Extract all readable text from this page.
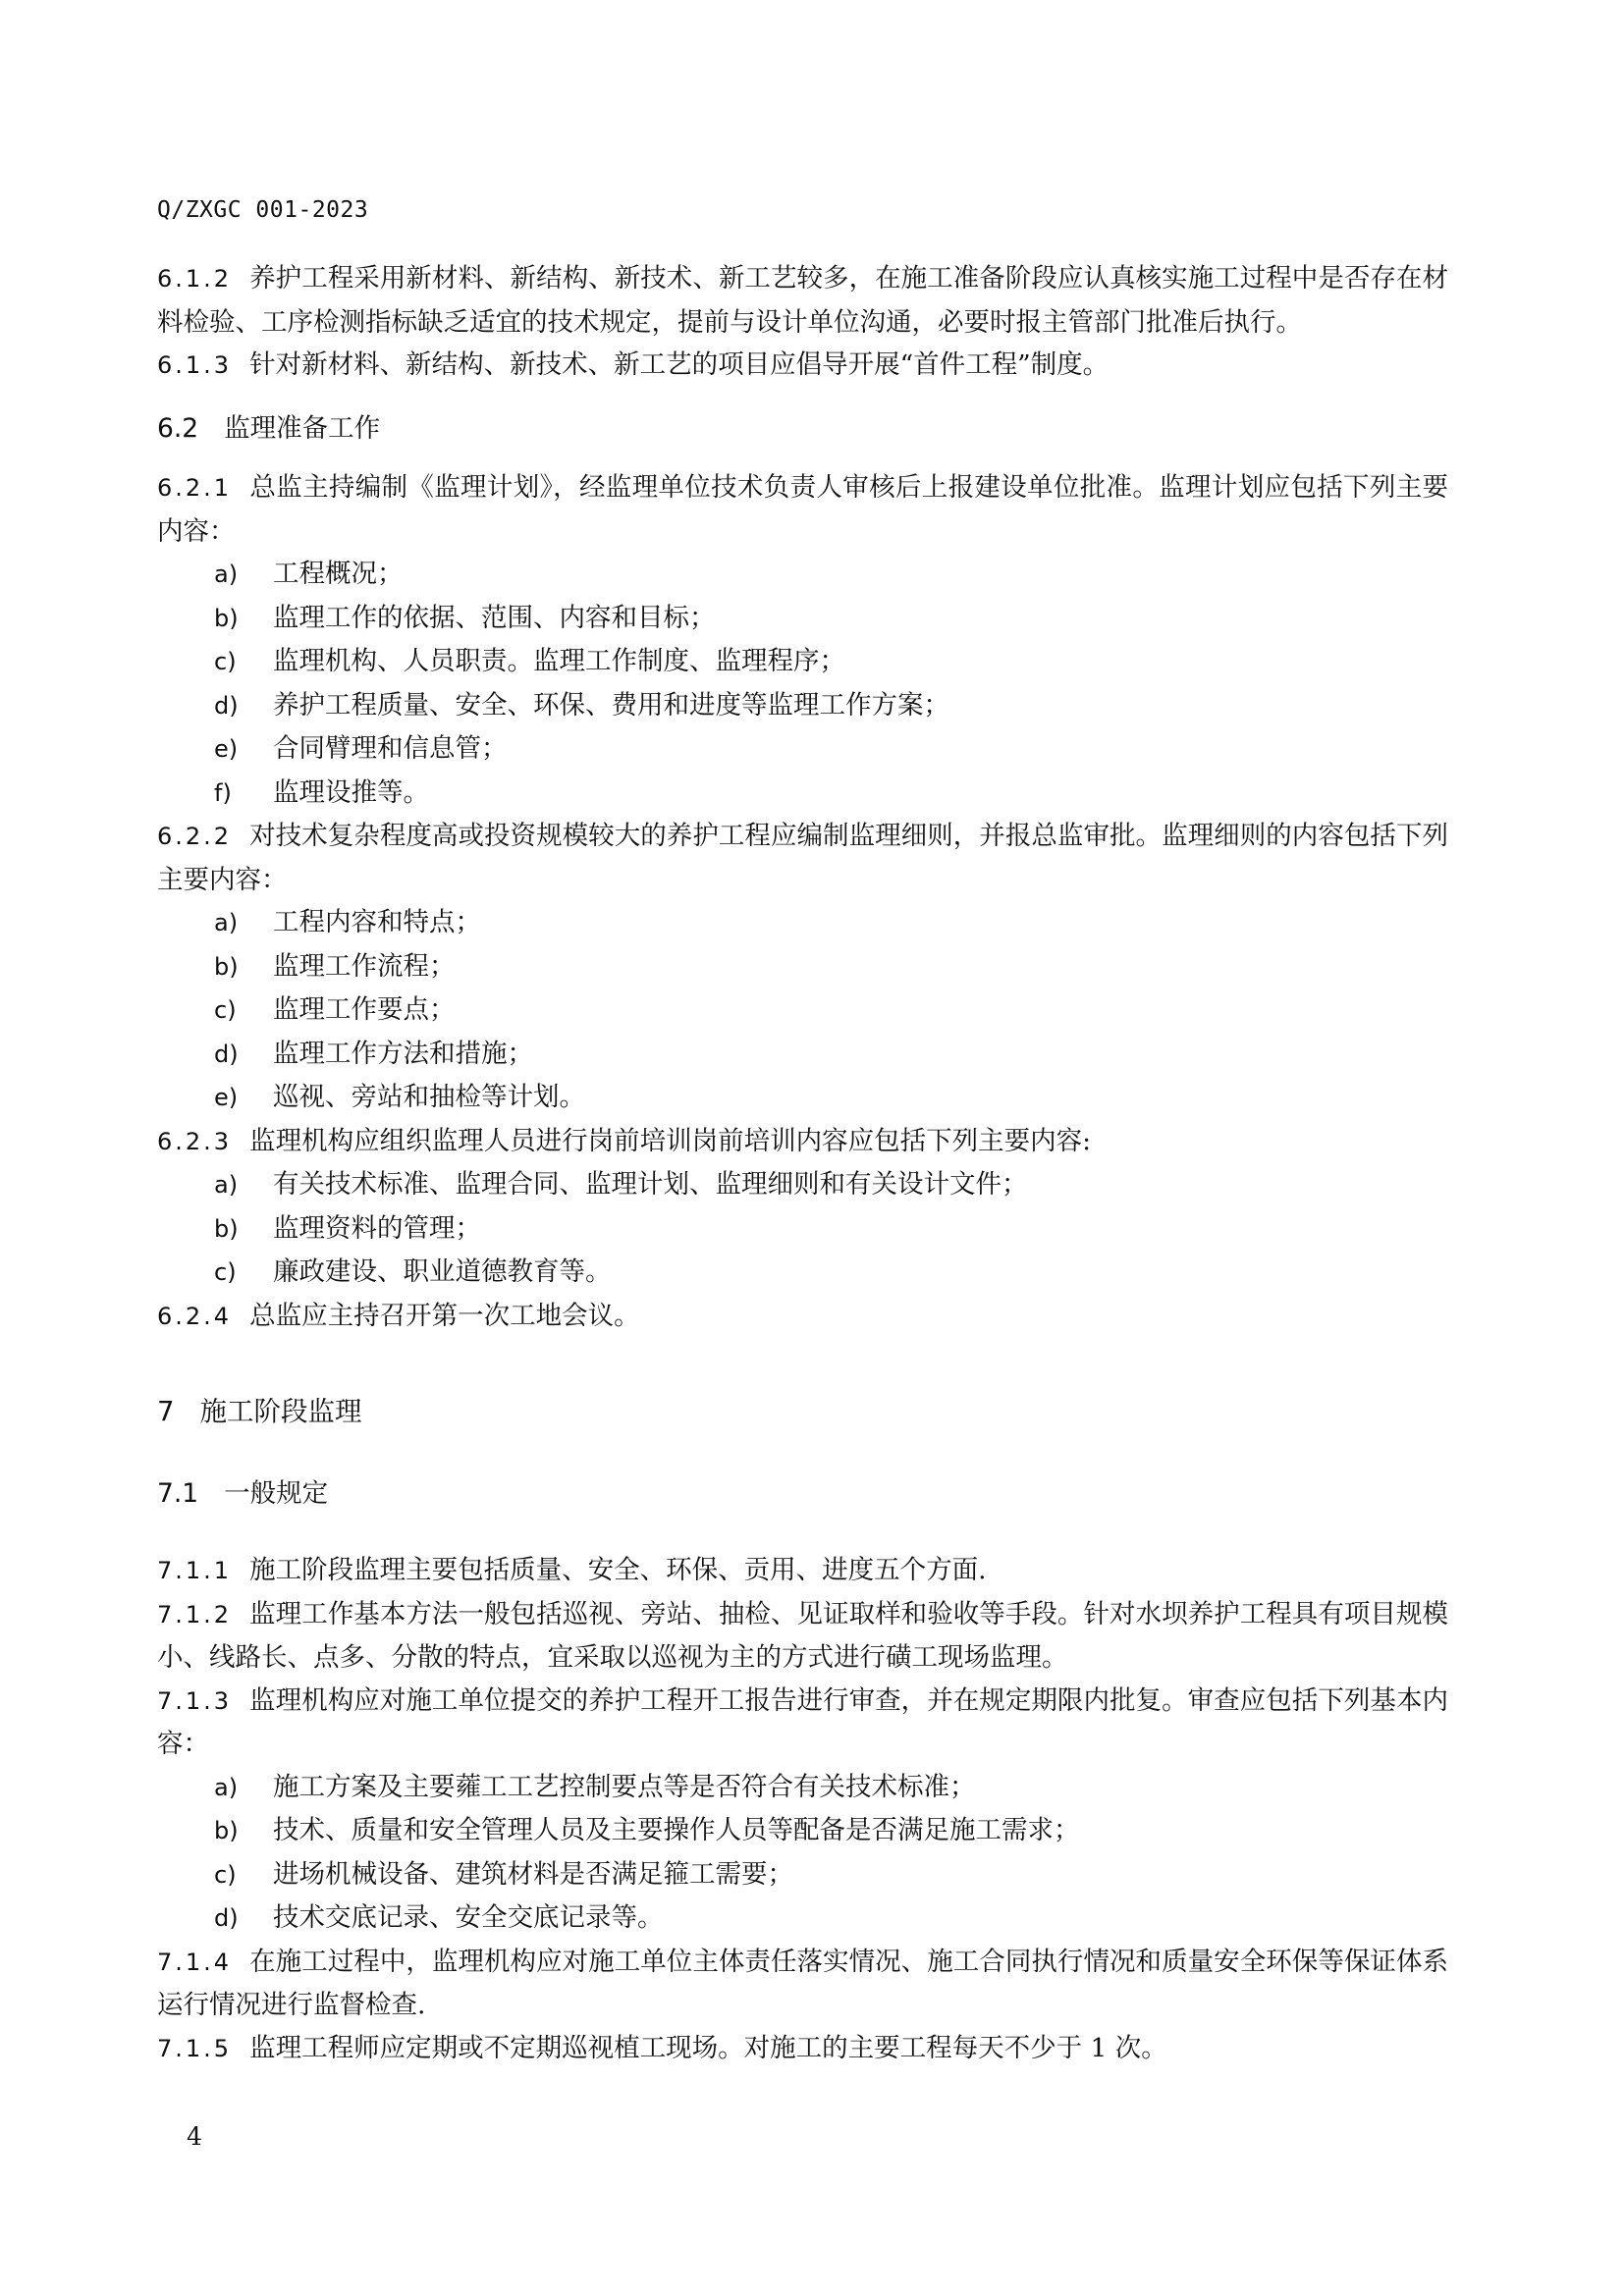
Q/ZXGC 001-2023

6.1.2 养护工程采用新材料、新结构、新技术、新工艺较多，在施工准备阶段应认真核实施工过程中是否存在材料检验、工序检测指标缺乏适宜的技术规定，提前与设计单位沟通，必要时报主管部门批准后执行。

6.1.3 针对新材料、新结构、新技术、新工艺的项目应倡导开展“首件工程”制度。

6.2 监理准备工作

6.2.1 总监主持编制《监理计划》，经监理单位技术负责人审核后上报建设单位批准。监理计划应包括下列主要内容：

a) 工程概况；

b) 监理工作的依据、范围、内容和目标；

c) 监理机构、人员职责。监理工作制度、监理程序；

d) 养护工程质量、安全、环保、费用和进度等监理工作方案；

e) 合同臂理和信息管；

f) 监理设推等。

6.2.2 对技术复杂程度高或投资规模较大的养护工程应编制监理细则，并报总监审批。监理细则的内容包括下列主要内容：

a) 工程内容和特点；

b) 监理工作流程；

c) 监理工作要点；

d) 监理工作方法和措施；

e) 巡视、旁站和抽检等计划。

6.2.3 监理机构应组织监理人员进行岗前培训岗前培训内容应包括下列主要内容:

a) 有关技术标准、监理合同、监理计划、监理细则和有关设计文件；

b) 监理资料的管理；

c) 廉政建设、职业道德教育等。

6.2.4 总监应主持召开第一次工地会议。

7 施工阶段监理

7.1 一般规定

7.1.1 施工阶段监理主要包括质量、安全、环保、贡用、进度五个方面.

7.1.2 监理工作基本方法一般包括巡视、旁站、抽检、见证取样和验收等手段。针对水坝养护工程具有项目规模小、线路长、点多、分散的特点，宜采取以巡视为主的方式进行磺工现场监理。

7.1.3 监理机构应对施工单位提交的养护工程开工报告进行审查，并在规定期限内批复。审查应包括下列基本内容：

a) 施工方案及主要蕹工工艺控制要点等是否符合有关技术标准；

b) 技术、质量和安全管理人员及主要操作人员等配备是否满足施工需求；

c) 进场机械设备、建筑材料是否满足箍工需要；

d) 技术交底记录、安全交底记录等。

7.1.4 在施工过程中，监理机构应对施工单位主体责任落实情况、施工合同执行情况和质量安全环保等保证体系运行情况进行监督检查.

7.1.5 监理工程师应定期或不定期巡视植工现场。对施工的主要工程每天不少于 1 次。

4
